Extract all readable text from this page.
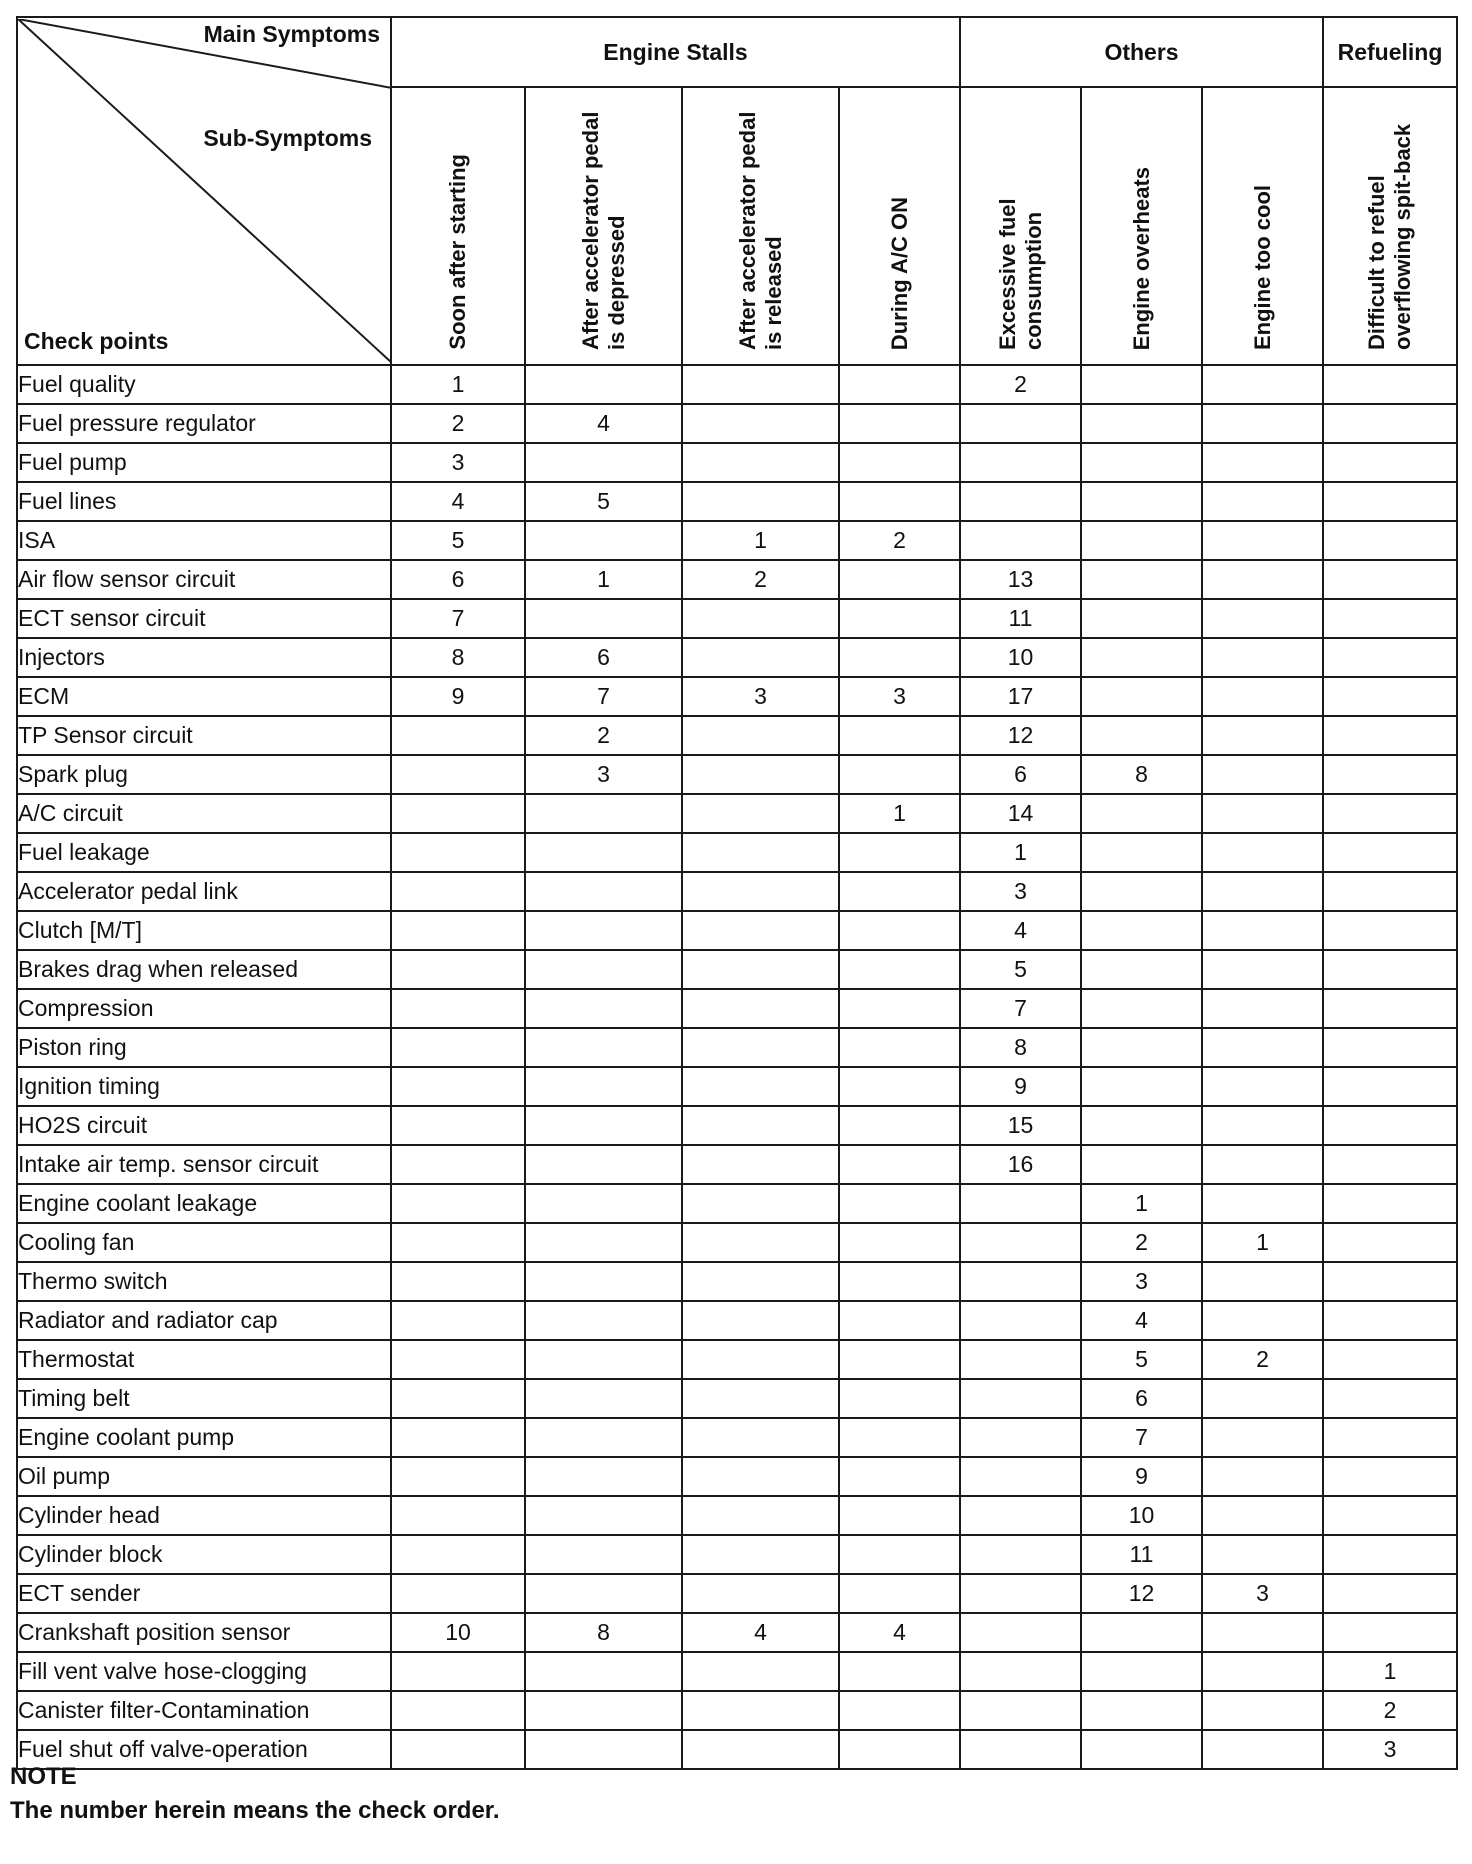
Main Symptoms
Sub-Symptoms
Check points	Engine Stalls				Others			Refueling

	Soon after starting	After accelerator pedal is depressed	After accelerator pedal is released	During A/C ON	Excessive fuel consumption	Engine overheats	Engine too cool	Difficult to refuel overflowing spit-back

Fuel quality	1				2			
Fuel pressure regulator	2	4						
Fuel pump	3							
Fuel lines	4	5						
ISA	5		1	2				
Air flow sensor circuit	6	1	2		13			
ECT sensor circuit	7				11			
Injectors	8	6			10			
ECM	9	7	3	3	17			
TP Sensor circuit		2			12			
Spark plug		3			6	8		
A/C circuit				1	14			
Fuel leakage					1			
Accelerator pedal link					3			
Clutch [M/T]					4			
Brakes drag when released					5			
Compression					7			
Piston ring					8			
Ignition timing					9			
HO2S circuit					15			
Intake air temp. sensor circuit					16			
Engine coolant leakage						1		
Cooling fan						2	1	
Thermo switch						3		
Radiator and radiator cap						4		
Thermostat						5	2	
Timing belt						6		
Engine coolant pump						7		
Oil pump						9		
Cylinder head						10		
Cylinder block						11		
ECT sender						12	3	
Crankshaft position sensor	10	8	4	4				
Fill vent valve hose-clogging								1
Canister filter-Contamination								2
Fuel shut off valve-operation								3
NOTE
The number herein means the check order.
